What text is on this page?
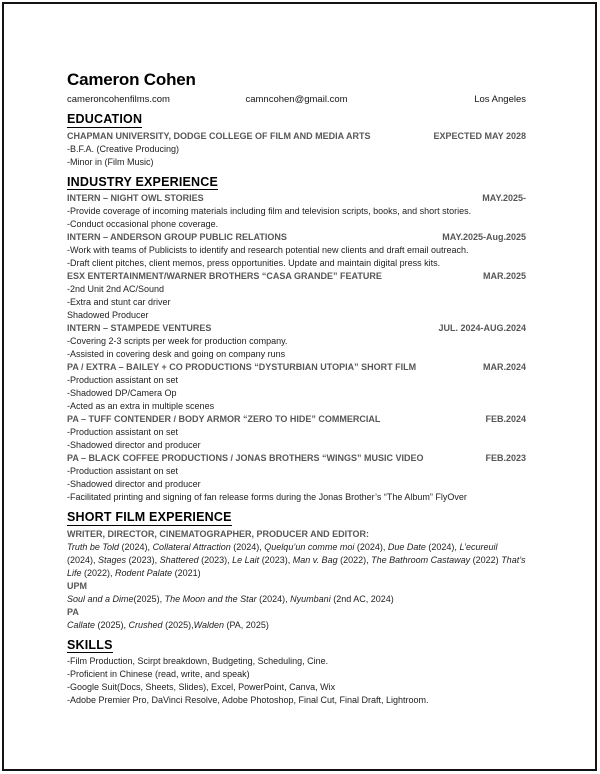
Cameron Cohen
cameroncohenfilms.com	camncohen@gmail.com	Los Angeles
EDUCATION
CHAPMAN UNIVERSITY, DODGE COLLEGE OF FILM AND MEDIA ARTS	EXPECTED MAY 2028
-B.F.A. (Creative Producing)
-Minor in (Film Music)
INDUSTRY EXPERIENCE
INTERN – NIGHT OWL STORIES	MAY.2025-
-Provide coverage of incoming materials including film and television scripts, books, and short stories.
-Conduct occasional phone coverage.
INTERN – ANDERSON GROUP PUBLIC RELATIONS	MAY.2025-Aug.2025
-Work with teams of Publicists to identify and research potential new clients and draft email outreach.
-Draft client pitches, client memos, press opportunities. Update and maintain digital press kits.
ESX ENTERTAINMENT/WARNER BROTHERS “CASA GRANDE” FEATURE	MAR.2025
-2nd Unit 2nd AC/Sound
-Extra and stunt car driver
Shadowed Producer
INTERN – STAMPEDE VENTURES	JUL. 2024-AUG.2024
-Covering 2-3 scripts per week for production company.
-Assisted in covering desk and going on company runs
PA / EXTRA – BAILEY + CO PRODUCTIONS “DYSTURBIAN UTOPIA” SHORT FILM	MAR.2024
-Production assistant on set
-Shadowed DP/Camera Op
-Acted as an extra in multiple scenes
PA – TUFF CONTENDER / BODY ARMOR “ZERO TO HIDE” COMMERCIAL	FEB.2024
-Production assistant on set
-Shadowed director and producer
PA – BLACK COFFEE PRODUCTIONS / JONAS BROTHERS “WINGS” MUSIC VIDEO	FEB.2023
-Production assistant on set
-Shadowed director and producer
-Facilitated printing and signing of fan release forms during the Jonas Brother’s “The Album” FlyOver
SHORT FILM EXPERIENCE
WRITER, DIRECTOR, CINEMATOGRAPHER, PRODUCER AND EDITOR:
Truth be Told (2024), Collateral Attraction (2024), Quelqu’un comme moi (2024), Due Date (2024), L’ecureuil (2024), Stages (2023), Shattered (2023), Le Lait (2023), Man v. Bag (2022), The Bathroom Castaway (2022) That’s Life (2022), Rodent Palate (2021)
UPM
Soul and a Dime(2025), The Moon and the Star (2024), Nyumbani (2nd AC, 2024)
PA
Callate (2025), Crushed (2025),Walden (PA, 2025)
SKILLS
-Film Production, Scirpt breakdown, Budgeting, Scheduling, Cine.
-Proficient in Chinese (read, write, and speak)
-Google Suit(Docs, Sheets, Slides), Excel, PowerPoint, Canva, Wix
-Adobe Premier Pro, DaVinci Resolve, Adobe Photoshop, Final Cut, Final Draft, Lightroom.
